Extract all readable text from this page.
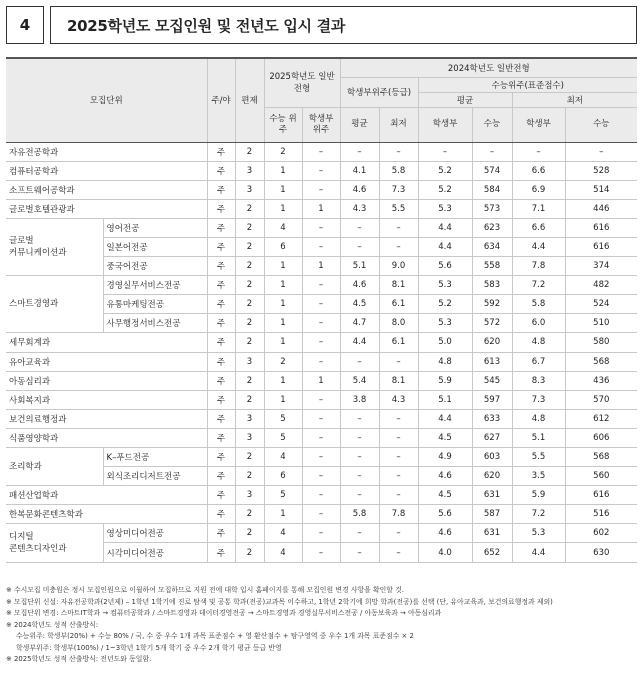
4	2025학년도 모집인원 및 전년도 입시 결과
모집단위		주/야	편제	2025학년도 일반전형		2024학년도 일반전형					
						학생부위주(등급)		수능위주(표준점수)			
								평균		최저	
				수능 위주	학생부 위주	평균	최저	학생부	수능	학생부	수능
자유전공학과		주	2	2	–	–	–	–	–	–	–
컴퓨터공학과		주	3	1	–	4.1	5.8	5.2	574	6.6	528
소프트웨어공학과		주	3	1	–	4.6	7.3	5.2	584	6.9	514
글로벌호텔관광과		주	2	1	1	4.3	5.5	5.3	573	7.1	446
글로벌
커뮤니케이션과	영어전공	주	2	4	–	–	–	4.4	623	6.6	616
	일본어전공	주	2	6	–	–	–	4.4	634	4.4	616
	중국어전공	주	2	1	1	5.1	9.0	5.6	558	7.8	374
스마트경영과	경영실무서비스전공	주	2	1	–	4.6	8.1	5.3	583	7.2	482
	유통마케팅전공	주	2	1	–	4.5	6.1	5.2	592	5.8	524
	사무행정서비스전공	주	2	1	–	4.7	8.0	5.3	572	6.0	510
세무회계과		주	2	1	–	4.4	6.1	5.0	620	4.8	580
유아교육과		주	3	2	–	–	–	4.8	613	6.7	568
아동심리과		주	2	1	1	5.4	8.1	5.9	545	8.3	436
사회복지과		주	2	1	–	3.8	4.3	5.1	597	7.3	570
보건의료행정과		주	3	5	–	–	–	4.4	633	4.8	612
식품영양학과		주	3	5	–	–	–	4.5	627	5.1	606
조리학과	K–푸드전공	주	2	4	–	–	–	4.9	603	5.5	568
	외식조리디저트전공	주	2	6	–	–	–	4.6	620	3.5	560
패션산업학과		주	3	5	–	–	–	4.5	631	5.9	616
한복문화콘텐츠학과		주	2	1	–	5.8	7.8	5.6	587	7.2	516
디지털
콘텐츠디자인과	영상미디어전공	주	2	4	–	–	–	4.6	631	5.3	602
	시각미디어전공	주	2	4	–	–	–	4.0	652	4.4	630
※ 수시모집 미충원은 정시 모집인원으로 이월하여 모집하므로 지원 전에 대학 입시 홈페이지를 통해 모집인원 변경 사항을 확인할 것.
※ 모집단위 신설: 자유전공학과(2년제) – 1학년 1학기에 진로 탐색 및 공통 학과(전공)교과목 이수하고, 1학년 2학기에 희망 학과(전공)를 선택 (단, 유아교육과, 보건의료행정과 제외)
※ 모집단위 변경: 스마트IT학과 → 컴퓨터공학과 / 스마트경영과 데이터경영전공 → 스마트경영과 경영실무서비스전공 / 아동보육과 → 아동심리과
※ 2024학년도 성적 산출방식:
수능위주: 학생부(20%) + 수능 80% / 국, 수 중 우수 1개 과목 표준점수 + 영 환산점수 + 탐구영역 중 우수 1개 과목 표준점수 × 2
학생부위주: 학생부(100%) / 1~3학년 1학기 5개 학기 중 우수 2개 학기 평균 등급 반영
※ 2025학년도 성적 산출방식: 전년도와 동일함.
